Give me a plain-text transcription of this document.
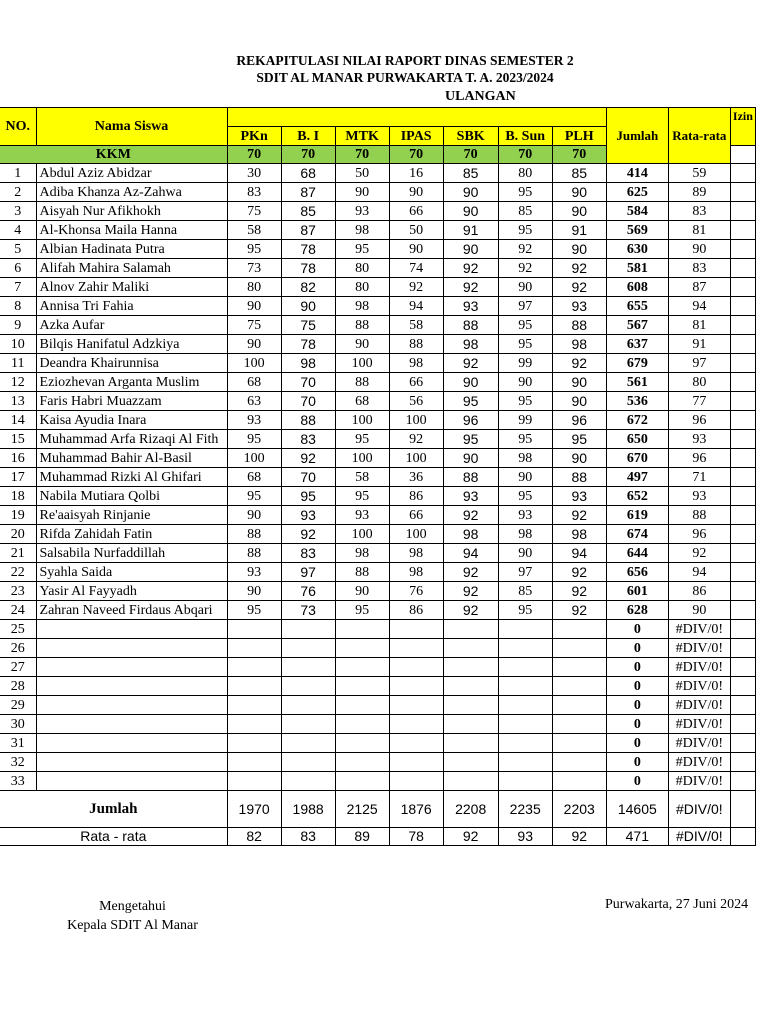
REKAPITULASI NILAI RAPORT DINAS SEMESTER 2
SDIT AL MANAR PURWAKARTA T. A. 2023/2024
ULANGAN
NO.	Nama Siswa								Jumlah	Rata-rata	Izin
		PKn	B. I	MTK	IPAS	SBK	B. Sun	PLH			
KKM		70	70	70	70	70	70	70			
1	Abdul Aziz Abidzar	30	68	50	16	85	80	85	414	59	
2	Adiba Khanza Az-Zahwa	83	87	90	90	90	95	90	625	89	
3	Aisyah Nur Afikhokh	75	85	93	66	90	85	90	584	83	
4	Al-Khonsa Maila Hanna	58	87	98	50	91	95	91	569	81	
5	Albian Hadinata Putra	95	78	95	90	90	92	90	630	90	
6	Alifah Mahira Salamah	73	78	80	74	92	92	92	581	83	
7	Alnov Zahir Maliki	80	82	80	92	92	90	92	608	87	
8	Annisa Tri Fahia	90	90	98	94	93	97	93	655	94	
9	Azka Aufar	75	75	88	58	88	95	88	567	81	
10	Bilqis Hanifatul Adzkiya	90	78	90	88	98	95	98	637	91	
11	Deandra Khairunnisa	100	98	100	98	92	99	92	679	97	
12	Eziozhevan Arganta Muslim	68	70	88	66	90	90	90	561	80	
13	Faris Habri Muazzam	63	70	68	56	95	95	90	536	77	
14	Kaisa Ayudia Inara	93	88	100	100	96	99	96	672	96	
15	Muhammad Arfa Rizaqi Al Fith	95	83	95	92	95	95	95	650	93	
16	Muhammad Bahir Al-Basil	100	92	100	100	90	98	90	670	96	
17	Muhammad Rizki Al Ghifari	68	70	58	36	88	90	88	497	71	
18	Nabila Mutiara Qolbi	95	95	95	86	93	95	93	652	93	
19	Re'aaisyah Rinjanie	90	93	93	66	92	93	92	619	88	
20	Rifda Zahidah Fatin	88	92	100	100	98	98	98	674	96	
21	Salsabila Nurfaddillah	88	83	98	98	94	90	94	644	92	
22	Syahla Saida	93	97	88	98	92	97	92	656	94	
23	Yasir Al Fayyadh	90	76	90	76	92	85	92	601	86	
24	Zahran Naveed Firdaus Abqari	95	73	95	86	92	95	92	628	90	
25									0	#DIV/0!	
26									0	#DIV/0!	
27									0	#DIV/0!	
28									0	#DIV/0!	
29									0	#DIV/0!	
30									0	#DIV/0!	
31									0	#DIV/0!	
32									0	#DIV/0!	
33									0	#DIV/0!	
Jumlah		1970	1988	2125	1876	2208	2235	2203	14605	#DIV/0!	
Rata - rata		82	83	89	78	92	93	92	471	#DIV/0!	
Mengetahui
Kepala SDIT Al Manar
Purwakarta, 27 Juni 2024
